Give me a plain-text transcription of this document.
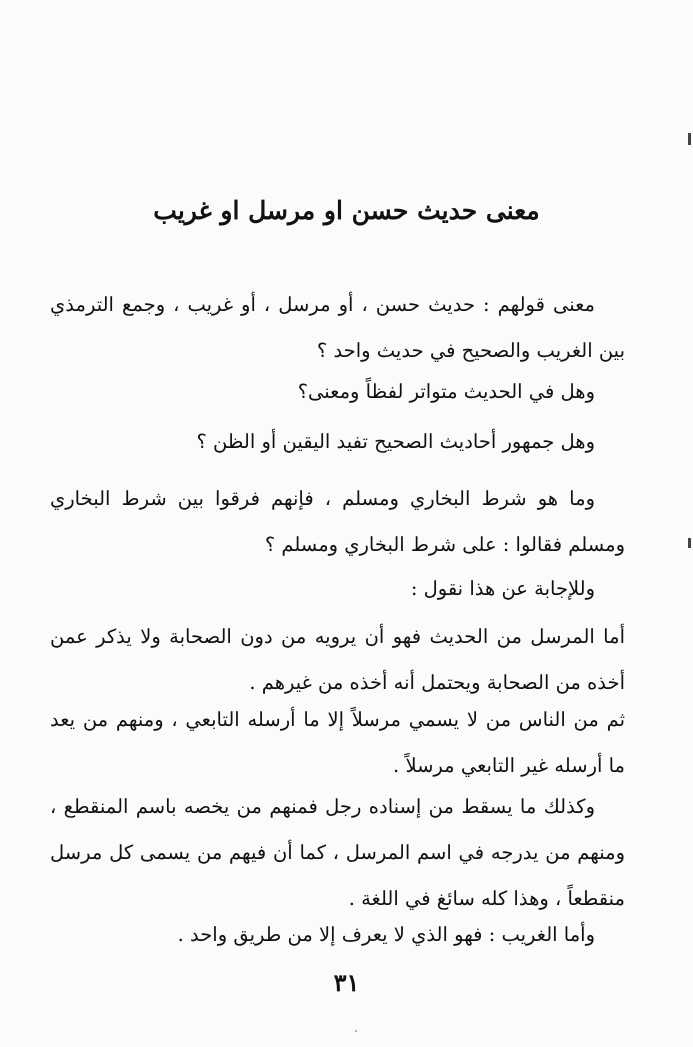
معنى حديث حسن او مرسل او غريب
معنى قولهم : حديث حسن ، أو مرسل ، أو غريب ، وجمع الترمذي بين الغريب والصحيح في حديث واحد ؟
وهل في الحديث متواتر لفظاً ومعنى؟
وهل جمهور أحاديث الصحيح تفيد اليقين أو الظن ؟
وما هو شرط البخاري ومسلم ، فإنهم فرقوا بين شرط البخاري ومسلم فقالوا : على شرط البخاري ومسلم ؟
وللإجابة عن هذا نقول :
أما المرسل من الحديث فهو أن يرويه من دون الصحابة ولا يذكر عمن أخذه من الصحابة ويحتمل أنه أخذه من غيرهم .
ثم من الناس من لا يسمي مرسلاً إلا ما أرسله التابعي ، ومنهم من يعد ما أرسله غير التابعي مرسلاً .
وكذلك ما يسقط من إسناده رجل فمنهم من يخصه باسم المنقطع ، ومنهم من يدرجه في اسم المرسل ، كما أن فيهم من يسمى كل مرسل منقطعاً ، وهذا كله سائغ في اللغة .
وأما الغريب : فهو الذي لا يعرف إلا من طريق واحد .
٣١
